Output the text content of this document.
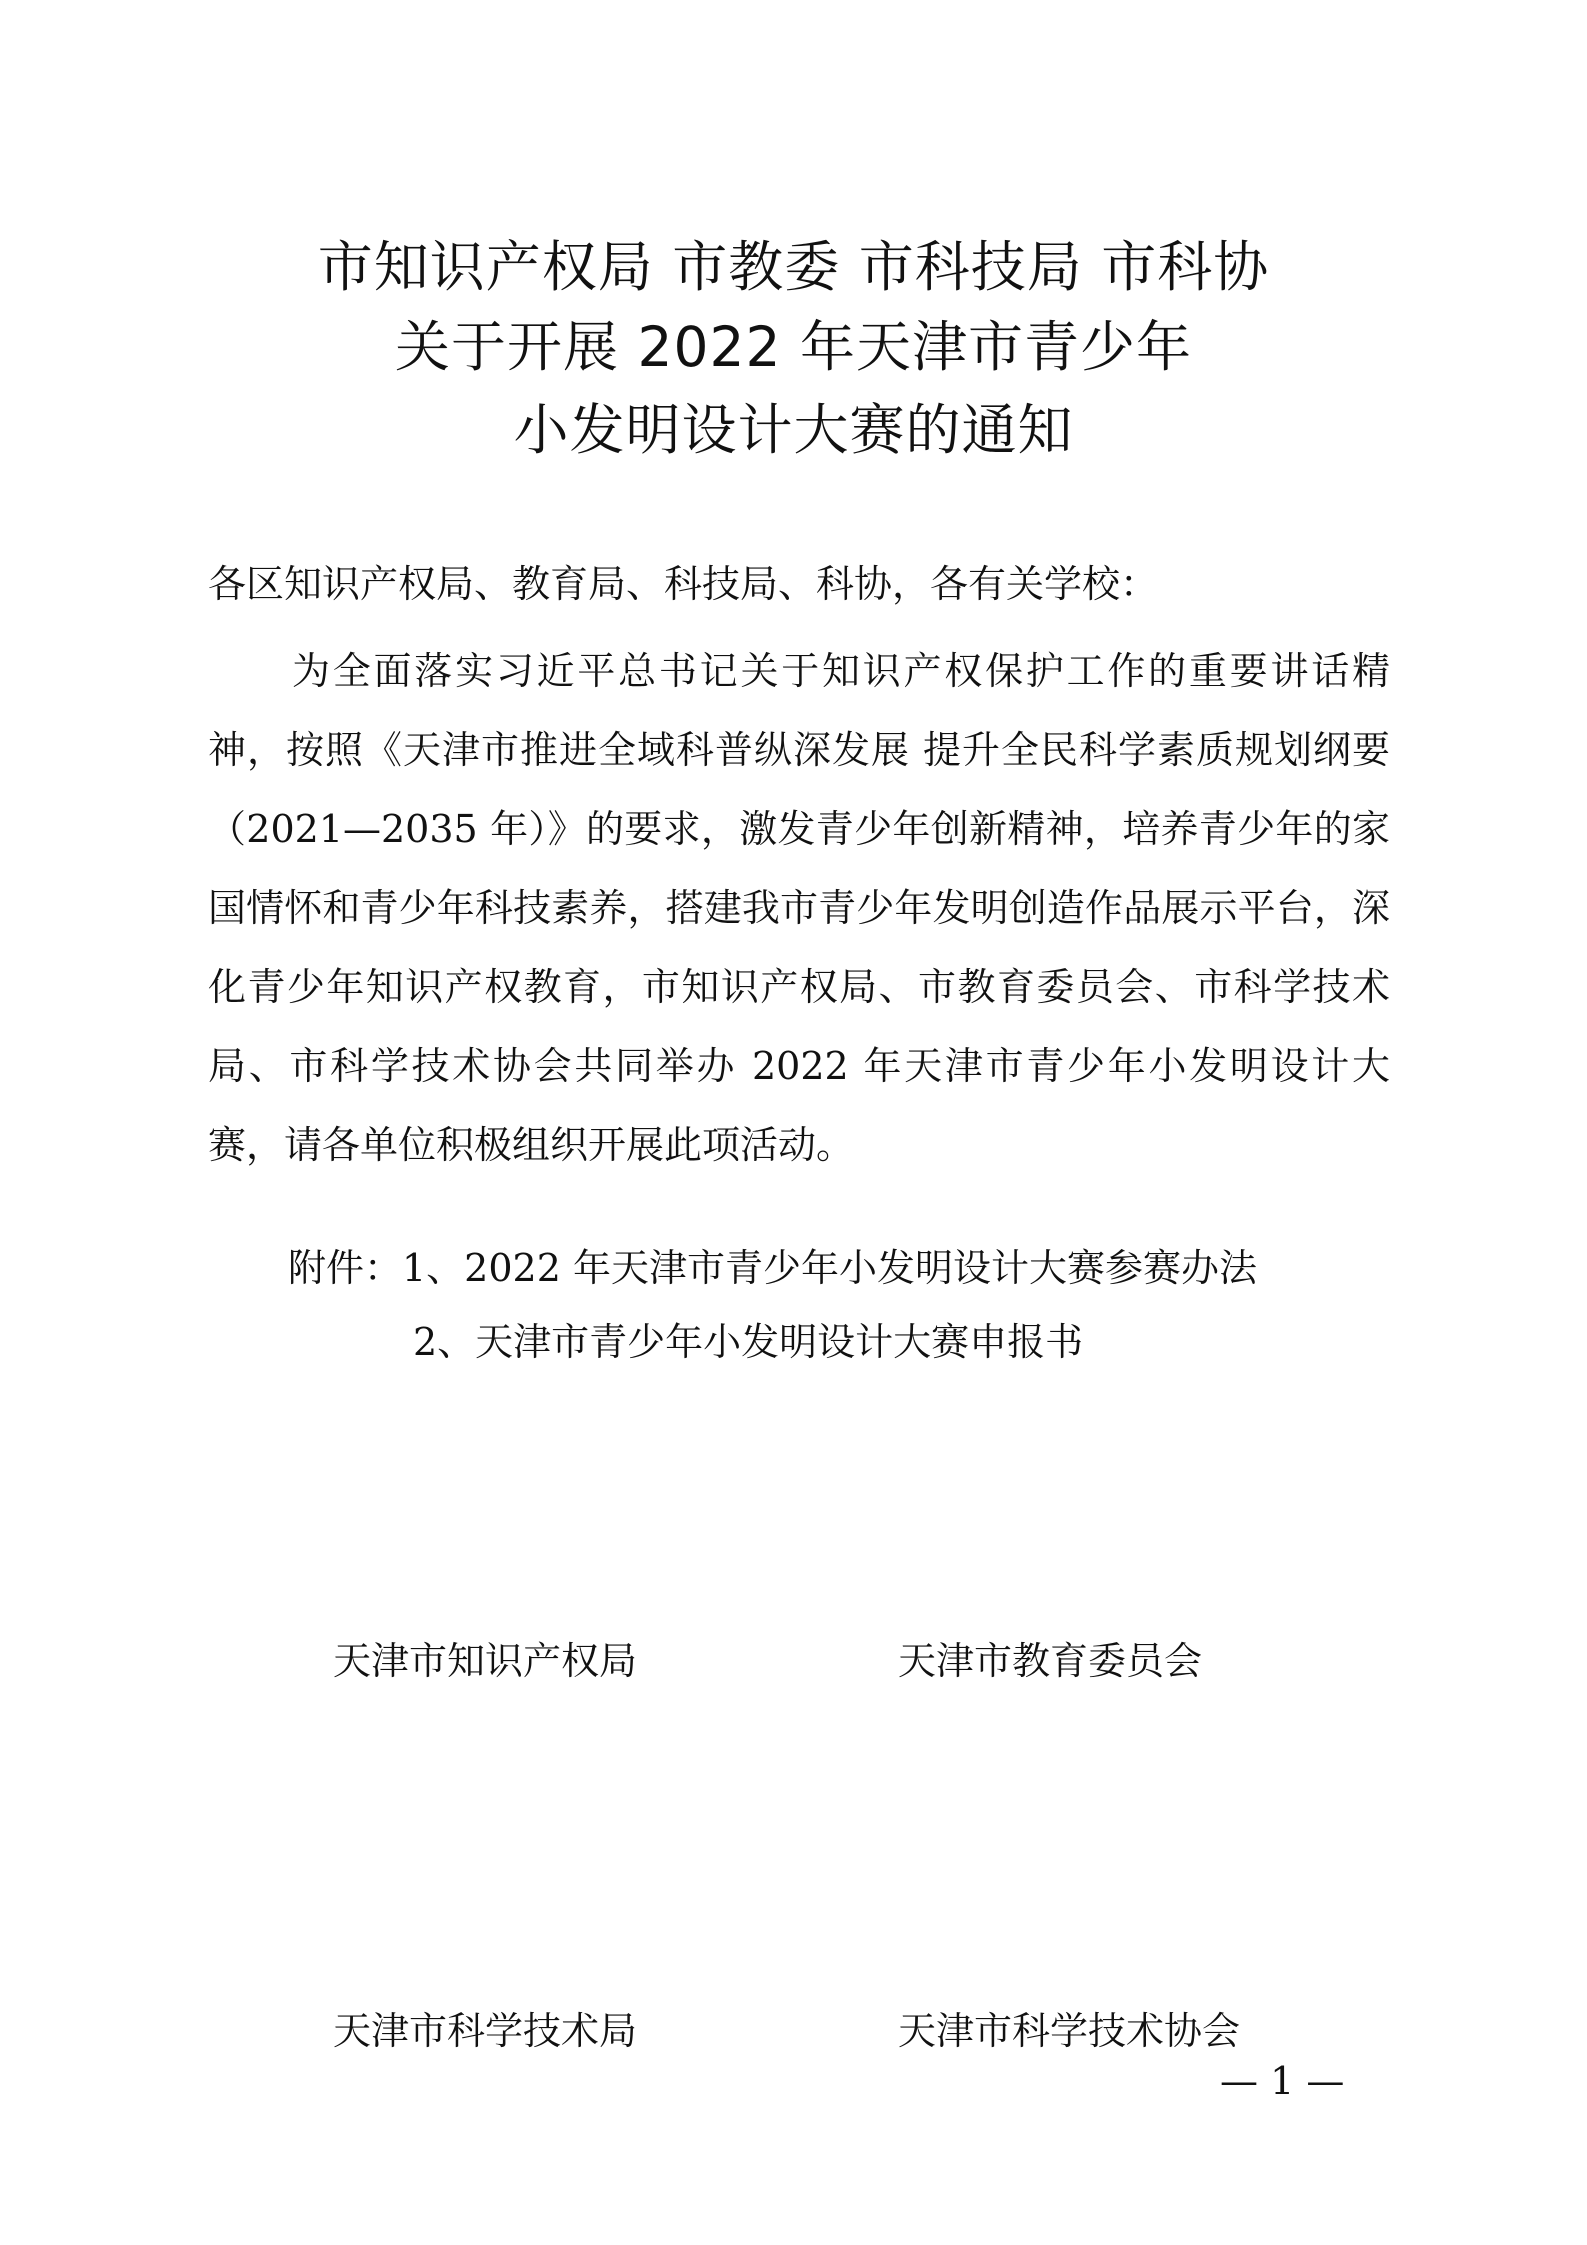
市知识产权局 市教委 市科技局 市科协
关于开展 2022 年天津市青少年
小发明设计大赛的通知
各区知识产权局、教育局、科技局、科协，各有关学校：

为全面落实习近平总书记关于知识产权保护工作的重要讲话精神，按照《天津市推进全域科普纵深发展 提升全民科学素质规划纲要（2021—2035 年）》的要求，激发青少年创新精神，培养青少年的家国情怀和青少年科技素养，搭建我市青少年发明创造作品展示平台，深化青少年知识产权教育，市知识产权局、市教育委员会、市科学技术局、市科学技术协会共同举办 2022 年天津市青少年小发明设计大赛，请各单位积极组织开展此项活动。

附件：1、2022 年天津市青少年小发明设计大赛参赛办法
2、天津市青少年小发明设计大赛申报书
天津市知识产权局	天津市教育委员会
天津市科学技术局	天津市科学技术协会
— 1 —
